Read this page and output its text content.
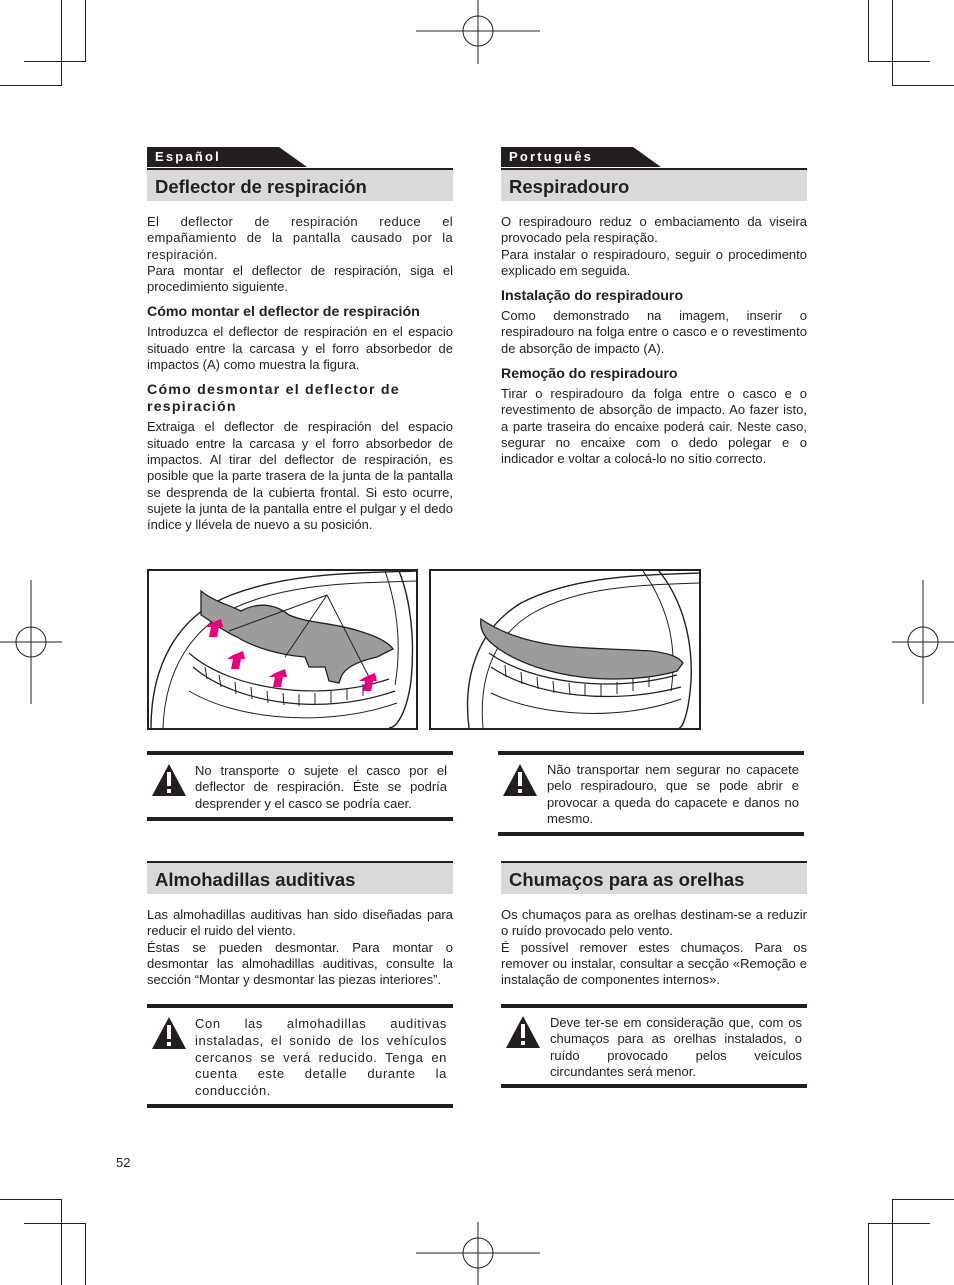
Español
Deflector de respiración

El deflector de respiración reduce el empañamiento de la pantalla causado por la respiración.

Para montar el deflector de respiración, siga el procedimiento siguiente.

Cómo montar el deflector de respiración

Introduzca el deflector de respiración en el espacio situado entre la carcasa y el forro absorbedor de impactos (A) como muestra la figura.

Cómo desmontar el deflector de respiración

Extraiga el deflector de respiración del espacio situado entre la carcasa y el forro absorbedor de impactos. Al tirar del deflector de respiración, es posible que la parte trasera de la junta de la pantalla se desprenda de la cubierta frontal. Si esto ocurre, sujete la junta de la pantalla entre el pulgar y el dedo índice y llévela de nuevo a su posición.

Português
Respiradouro

O respiradouro reduz o embaciamento da viseira provocado pela respiração.

Para instalar o respiradouro, seguir o procedimento explicado em seguida.

Instalação do respiradouro

Como demonstrado na imagem, inserir o respiradouro na folga entre o casco e o revestimento de absorção de impacto (A).

Remoção do respiradouro

Tirar o respiradouro da folga entre o casco e o revestimento de absorção de impacto. Ao fazer isto, a parte traseira do encaixe poderá cair. Neste caso, segurar no encaixe com o dedo polegar e o indicador e voltar a colocá-lo no sítio correcto.

No transporte o sujete el casco por el deflector de respiración. Éste se podría desprender y el casco se podría caer.

Não transportar nem segurar no capacete pelo respiradouro, que se pode abrir e provocar a queda do capacete e danos no mesmo.

Almohadillas auditivas

Las almohadillas auditivas han sido diseñadas para reducir el ruido del viento.

Éstas se pueden desmontar. Para montar o desmontar las almohadillas auditivas, consulte la sección “Montar y desmontar las piezas interiores”.

Chumaços para as orelhas

Os chumaços para as orelhas destinam-se a reduzir o ruído provocado pelo vento.

É possível remover estes chumaços. Para os remover ou instalar, consultar a secção «Remoção e instalação de componentes internos».

Con las almohadillas auditivas instaladas, el sonido de los vehículos cercanos se verá reducido. Tenga en cuenta este detalle durante la conducción.

Deve ter-se em consideração que, com os chumaços para as orelhas instalados, o ruído provocado pelos veículos circundantes será menor.

52
